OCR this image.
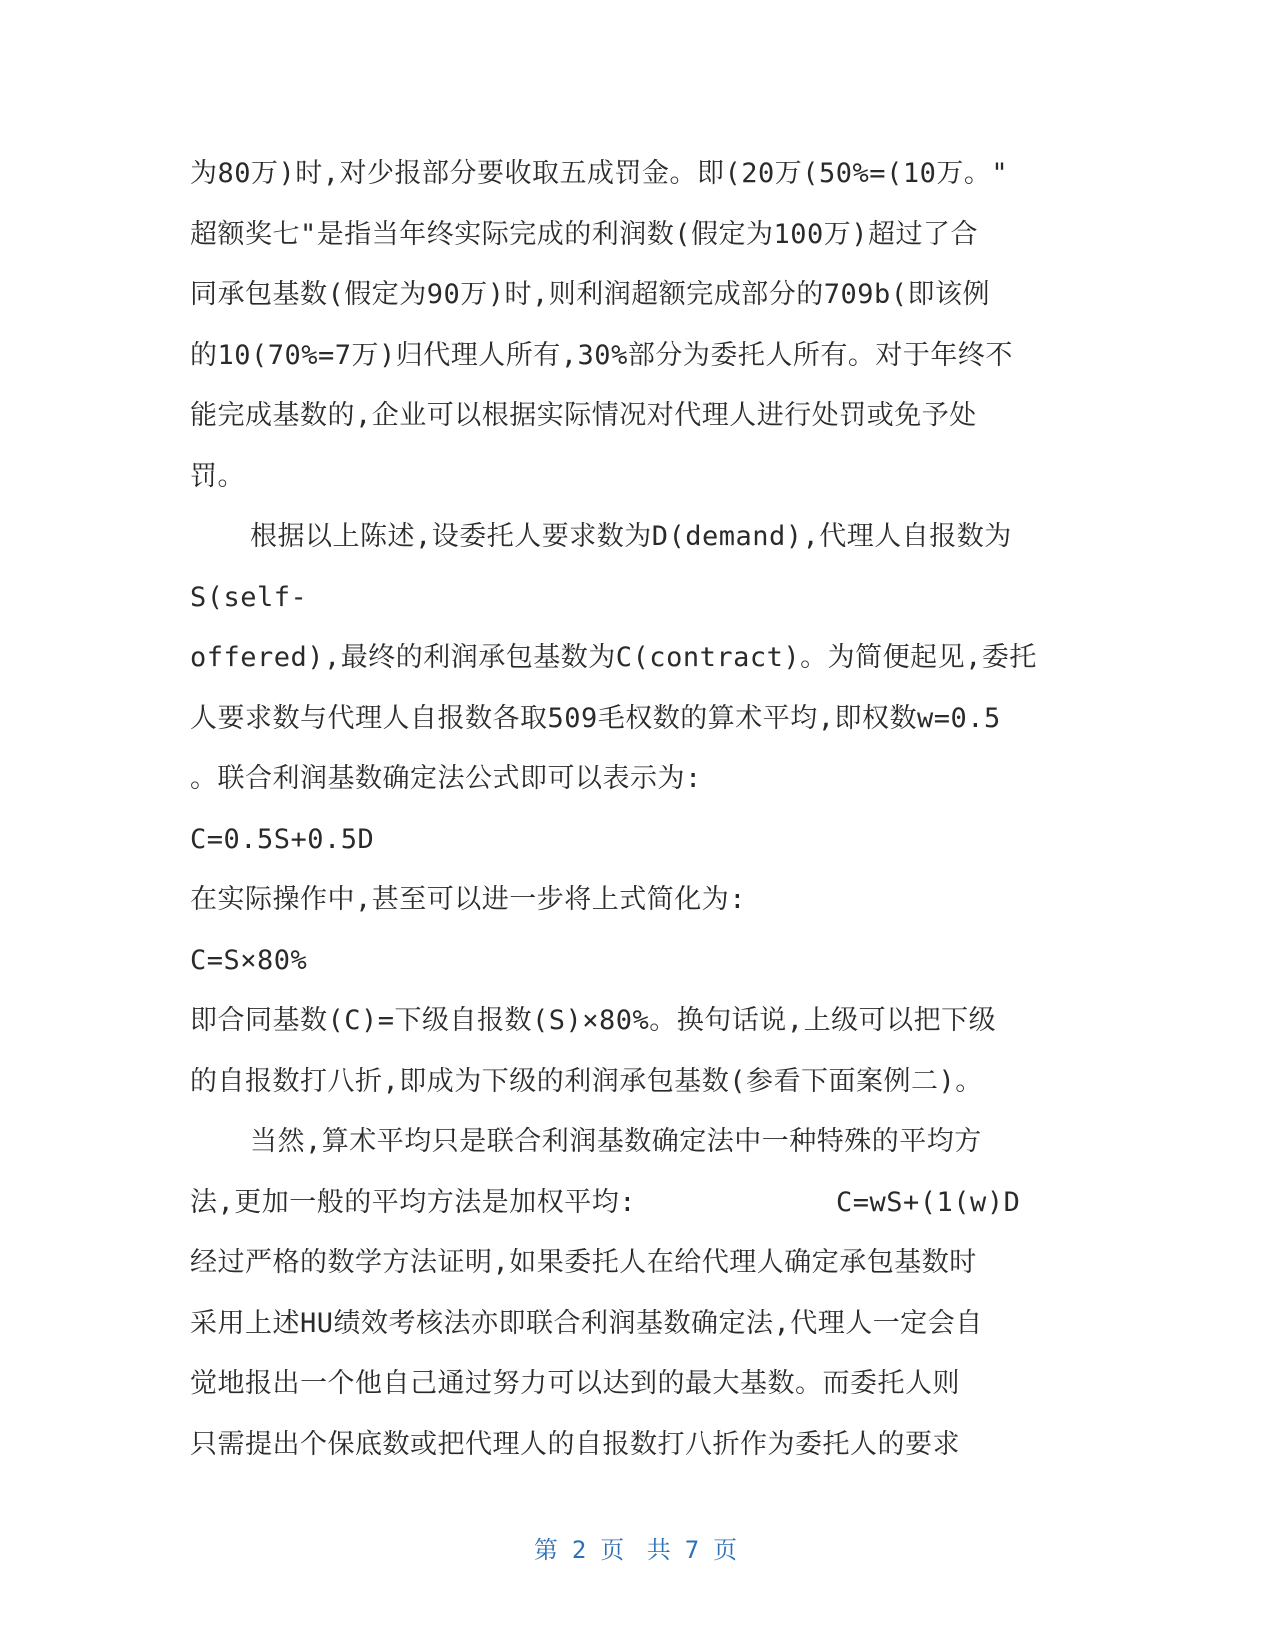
为80万)时,对少报部分要收取五成罚金。即(20万(50%=(10万。"
超额奖七"是指当年终实际完成的利润数(假定为100万)超过了合
同承包基数(假定为90万)时,则利润超额完成部分的709b(即该例
的10(70%=7万)归代理人所有,30%部分为委托人所有。对于年终不
能完成基数的,企业可以根据实际情况对代理人进行处罚或免予处
罚。
根据以上陈述,设委托人要求数为D(demand),代理人自报数为
S(self-
offered),最终的利润承包基数为C(contract)。为简便起见,委托
人要求数与代理人自报数各取509毛权数的算术平均,即权数w=0.5
。联合利润基数确定法公式即可以表示为:
C=0.5S+0.5D
在实际操作中,甚至可以进一步将上式简化为:
C=S×80%
即合同基数(C)=下级自报数(S)×80%。换句话说,上级可以把下级
的自报数打八折,即成为下级的利润承包基数(参看下面案例二)。
当然,算术平均只是联合利润基数确定法中一种特殊的平均方
法,更加一般的平均方法是加权平均:	C=wS+(1(w)D
经过严格的数学方法证明,如果委托人在给代理人确定承包基数时
采用上述HU绩效考核法亦即联合利润基数确定法,代理人一定会自
觉地报出一个他自己通过努力可以达到的最大基数。而委托人则
只需提出个保底数或把代理人的自报数打八折作为委托人的要求
第 2 页 共 7 页
